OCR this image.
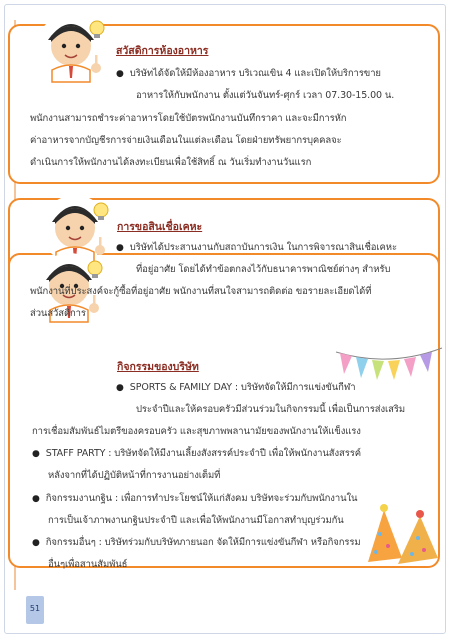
สวัสดิการห้องอาหาร
● บริษัทได้จัดให้มีห้องอาหาร บริเวณเขิน 4 และเปิดให้บริการขาย
อาหารให้กับพนักงาน ตั้งแต่วันจันทร์-ศุกร์ เวลา 07.30-15.00 น.
พนักงานสามารถชำระค่าอาหารโดยใช้บัตรพนักงานบันทึกราคา และจะมีการหัก
ค่าอาหารจากบัญชีรการจ่ายเงินเดือนในแต่ละเดือน โดยฝ่ายทรัพยากรบุคคลจะ
ดำเนินการให้พนักงานได้ลงทะเบียนเพื่อใช้สิทธิ์ ณ วันเริ่มทำงานวันแรก
การขอสินเชื่อเคหะ
● บริษัทได้ประสานงานกับสถาบันการเงิน ในการพิจารณาสินเชื่อเคหะ
ที่อยู่อาศัย โดยได้ทำข้อตกลงไว้กับธนาคารพาณิชย์ต่างๆ สำหรับ
พนักงานที่ประสงค์จะกู้ซื้อที่อยู่อาศัย พนักงานที่สนใจสามารถติดต่อ ขอรายละเอียดได้ที่
ส่วนสวัสดิการ
กิจกรรมของบริษัท
● SPORTS & FAMILY DAY : บริษัทจัดให้มีการแข่งขันกีฬา
ประจำปีและให้ครอบครัวมีส่วนร่วมในกิจกรรมนี้ เพื่อเป็นการส่งเสริม
การเชื่อมสัมพันธ์ไมตรีของครอบครัว และสุขภาพพลานามัยของพนักงานให้แข็งแรง
● STAFF PARTY : บริษัทจัดให้มีงานเลี้ยงสังสรรค์ประจำปี เพื่อให้พนักงานสังสรรค์
หลังจากที่ได้ปฏิบัติหน้าที่การงานอย่างเต็มที่
● กิจกรรมงานกฐิน : เพื่อการทำประโยชน์ให้แก่สังคม บริษัทจะร่วมกับพนักงานใน
การเป็นเจ้าภาพงานกฐินประจำปี และเพื่อให้พนักงานมีโอกาสทำบุญร่วมกัน
● กิจกรรมอื่นๆ : บริษัทร่วมกับบริษัทภายนอก จัดให้มีการแข่งขันกีฬา หรือกิจกรรม
อื่นๆเพื่อสานสัมพันธ์
51
